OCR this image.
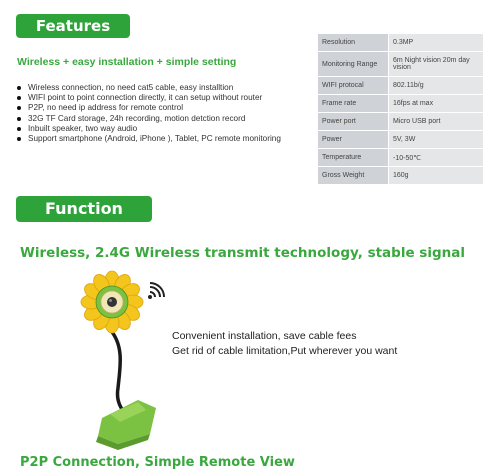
Features
Wireless + easy installation + simple setting
Wireless connection, no need cat5 cable, easy installtion
WIFI point to point connection directly, it can setup without router
P2P, no need ip address for remote control
32G TF Card storage, 24h recording, motion detction record
Inbuilt speaker, two way audio
Support smartphone (Android, iPhone ), Tablet, PC remote monitoring
Resolution	0.3MP
Monitoring Range	6m Night vision 20m day vision
WIFI protocal	802.11b/g
Frame rate	16fps at max
Power port	Micro USB port
Power	5V, 3W
Temperature	-10-50℃
Gross Weight	160g
Function
Wireless, 2.4G Wireless transmit technology, stable signal
Convenient installation, save cable fees
Get rid of cable limitation,Put wherever you want
P2P Connection, Simple Remote View
